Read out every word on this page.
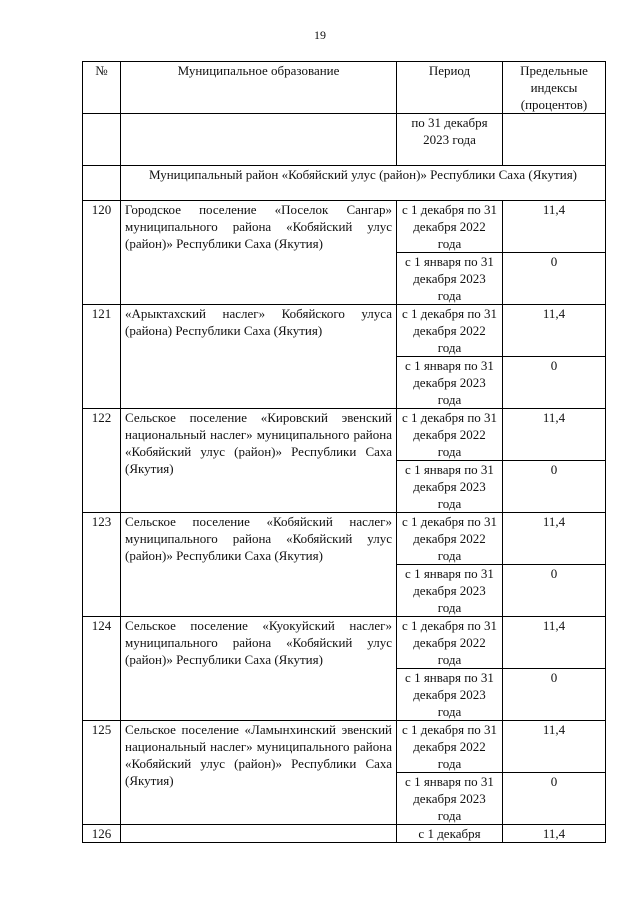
19
№	Муниципальное образование	Период	Предельные индексы (процентов)
		по 31 декабря 2023 года	
	Муниципальный район «Кобяйский улус (район)» Республики Саха (Якутия)		
120	Городское поселение «Поселок Сангар» муниципального района «Кобяйский улус (район)» Республики Саха (Якутия)	с 1 декабря по 31 декабря 2022 года	11,4
		с 1 января по 31 декабря 2023 года	0
121	«Арыктахский наслег» Кобяйского улуса (района) Республики Саха (Якутия)	с 1 декабря по 31 декабря 2022 года	11,4
		с 1 января по 31 декабря 2023 года	0
122	Сельское поселение «Кировский эвенский национальный наслег» муниципального района «Кобяйский улус (район)» Республики Саха (Якутия)	с 1 декабря по 31 декабря 2022 года	11,4
		с 1 января по 31 декабря 2023 года	0
123	Сельское поселение «Кобяйский наслег» муниципального района «Кобяйский улус (район)» Республики Саха (Якутия)	с 1 декабря по 31 декабря 2022 года	11,4
		с 1 января по 31 декабря 2023 года	0
124	Сельское поселение «Куокуйский наслег» муниципального района «Кобяйский улус (район)» Республики Саха (Якутия)	с 1 декабря по 31 декабря 2022 года	11,4
		с 1 января по 31 декабря 2023 года	0
125	Сельское поселение «Ламынхинский эвенский национальный наслег» муниципального района «Кобяйский улус (район)» Республики Саха (Якутия)	с 1 декабря по 31 декабря 2022 года	11,4
		с 1 января по 31 декабря 2023 года	0
126		с 1 декабря	11,4
